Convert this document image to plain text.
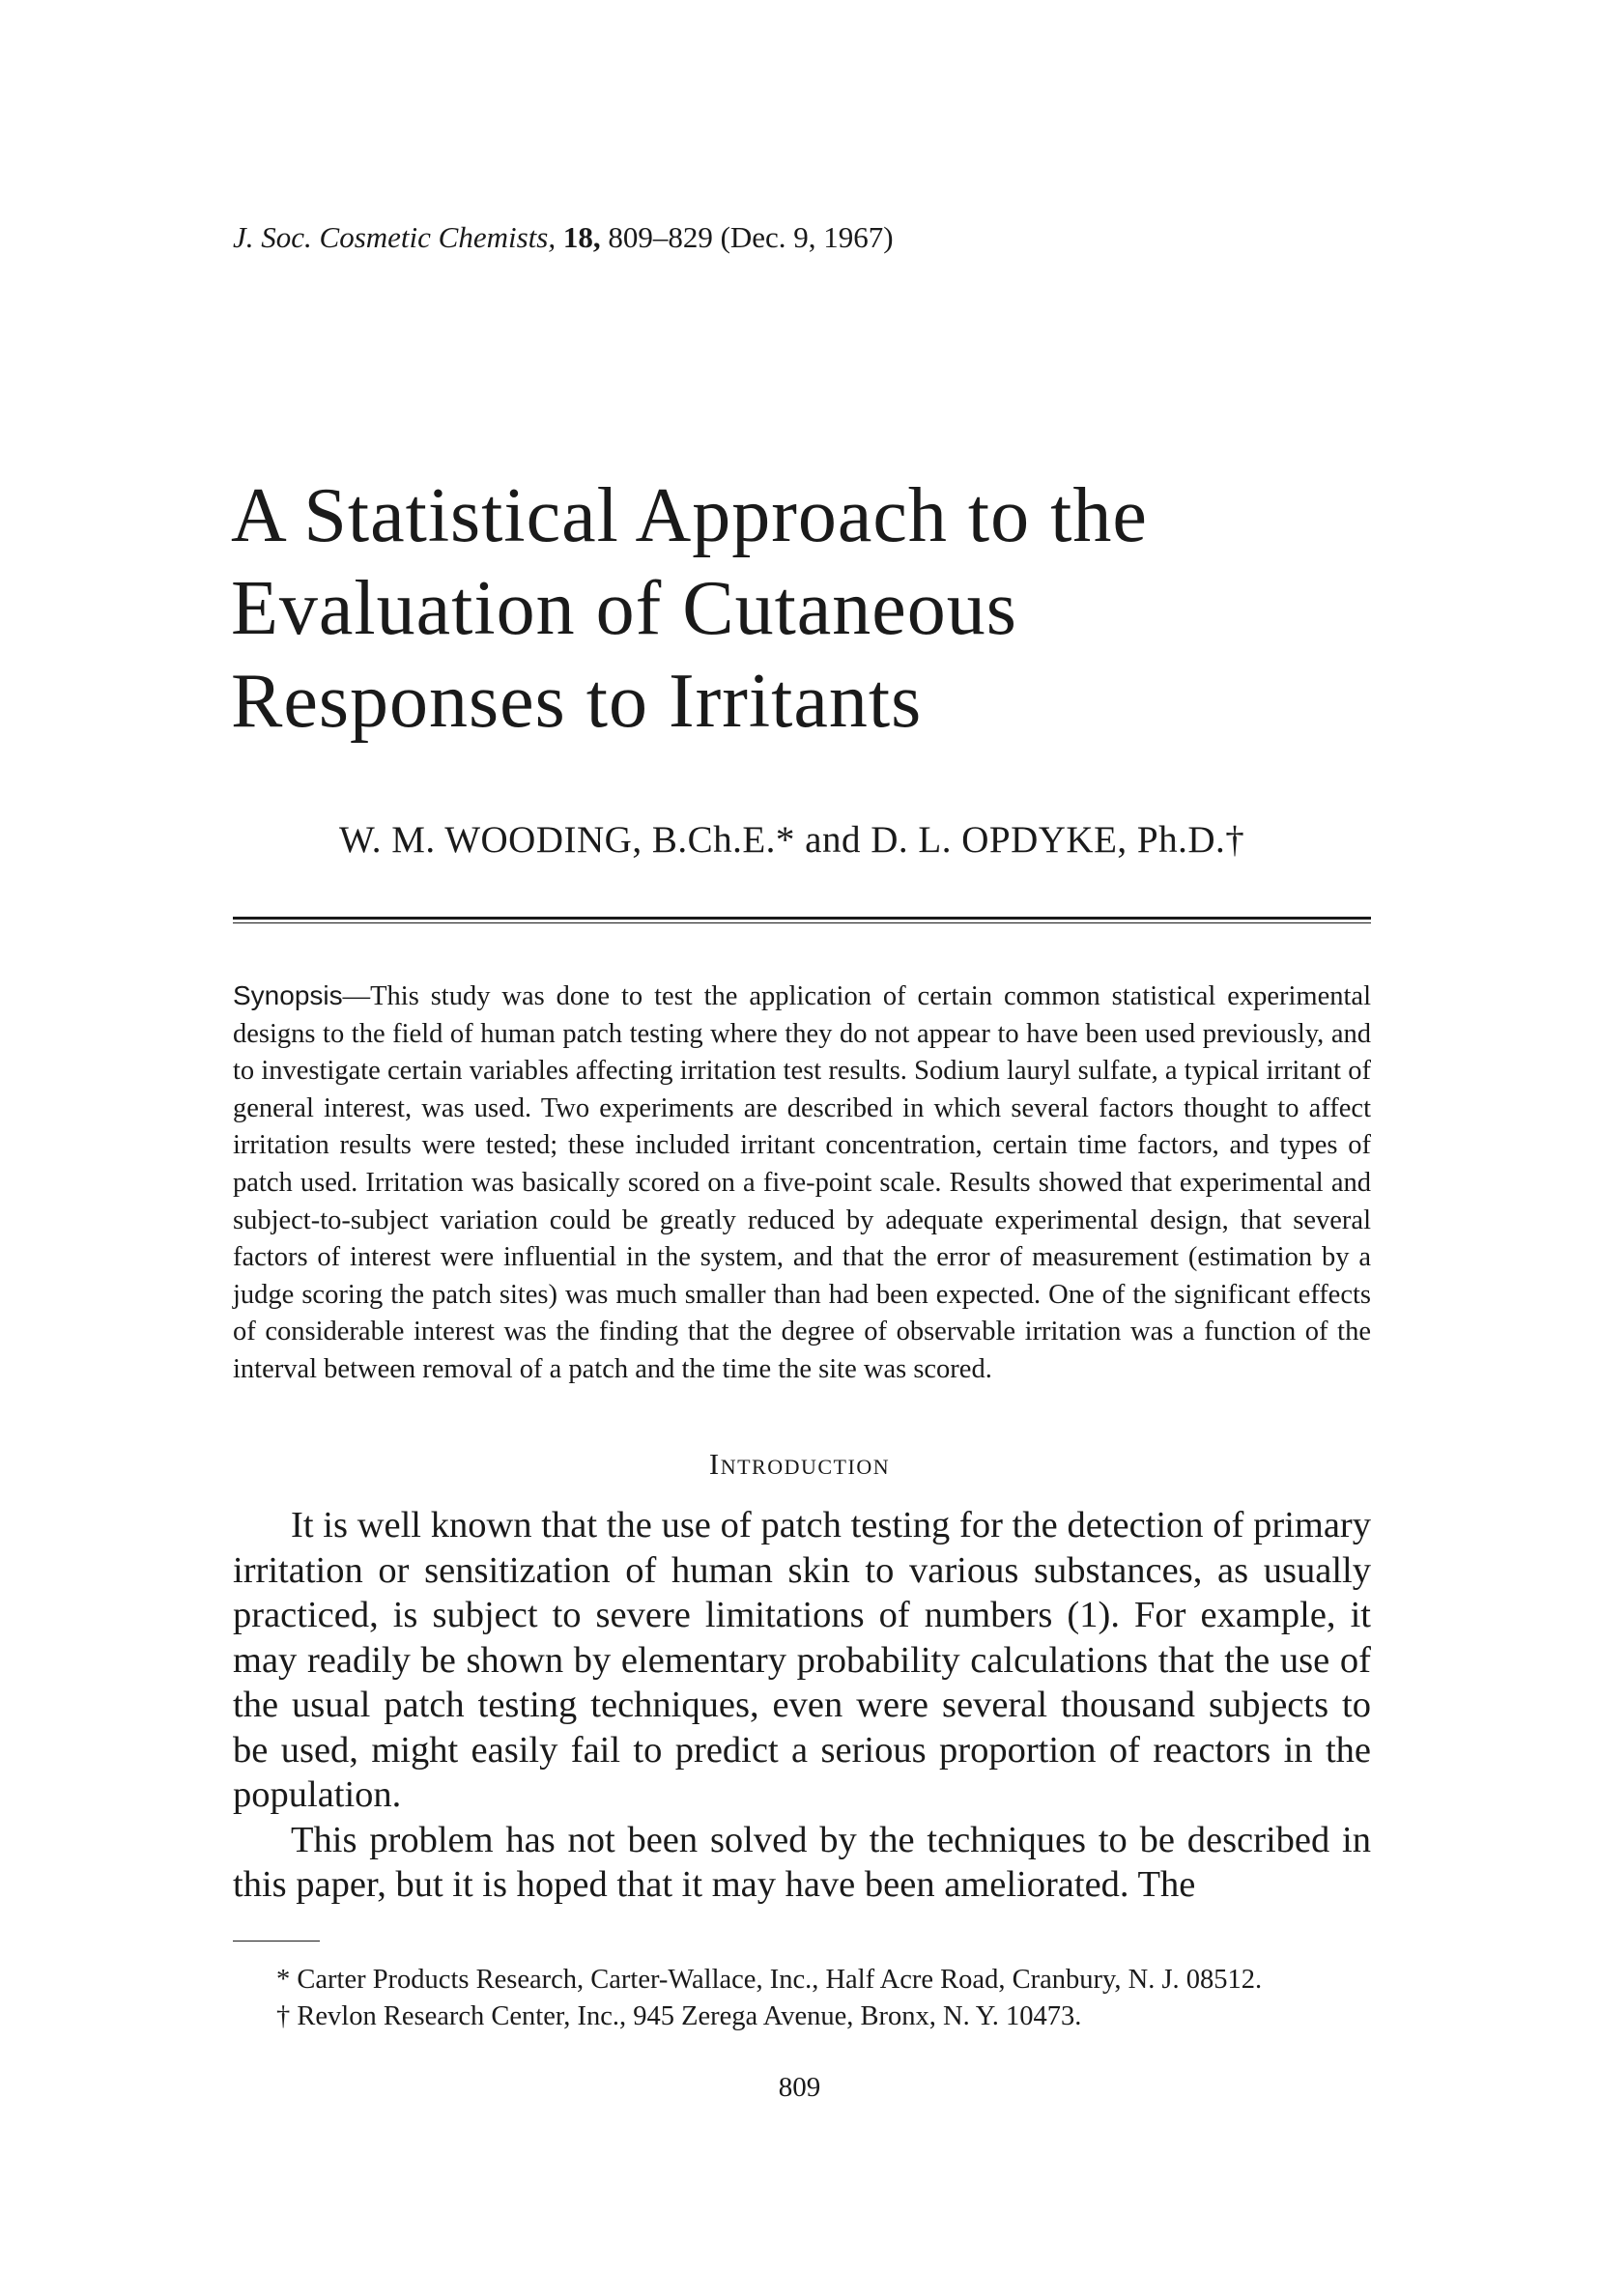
J. Soc. Cosmetic Chemists, 18, 809–829 (Dec. 9, 1967)
A Statistical Approach to the
Evaluation of Cutaneous
Responses to Irritants
W. M. WOODING, B.Ch.E.* and D. L. OPDYKE, Ph.D.†
Synopsis—This study was done to test the application of certain common statistical experimental designs to the field of human patch testing where they do not appear to have been used previously, and to investigate certain variables affecting irritation test results. Sodium lauryl sulfate, a typical irritant of general interest, was used. Two experiments are described in which several factors thought to affect irritation results were tested; these included irritant concentration, certain time factors, and types of patch used. Irritation was basically scored on a five-point scale. Results showed that experimental and subject-to-subject variation could be greatly reduced by adequate experimental design, that several factors of interest were influential in the system, and that the error of measurement (estimation by a judge scoring the patch sites) was much smaller than had been expected. One of the significant effects of considerable interest was the finding that the degree of observable irritation was a function of the interval between removal of a patch and the time the site was scored.
Introduction

It is well known that the use of patch testing for the detection of primary irritation or sensitization of human skin to various substances, as usually practiced, is subject to severe limitations of numbers (1). For example, it may readily be shown by elementary probability calculations that the use of the usual patch testing techniques, even were several thousand subjects to be used, might easily fail to predict a serious proportion of reactors in the population.

This problem has not been solved by the techniques to be described in this paper, but it is hoped that it may have been ameliorated. The

* Carter Products Research, Carter-Wallace, Inc., Half Acre Road, Cranbury, N. J. 08512.
† Revlon Research Center, Inc., 945 Zerega Avenue, Bronx, N. Y. 10473.
809
